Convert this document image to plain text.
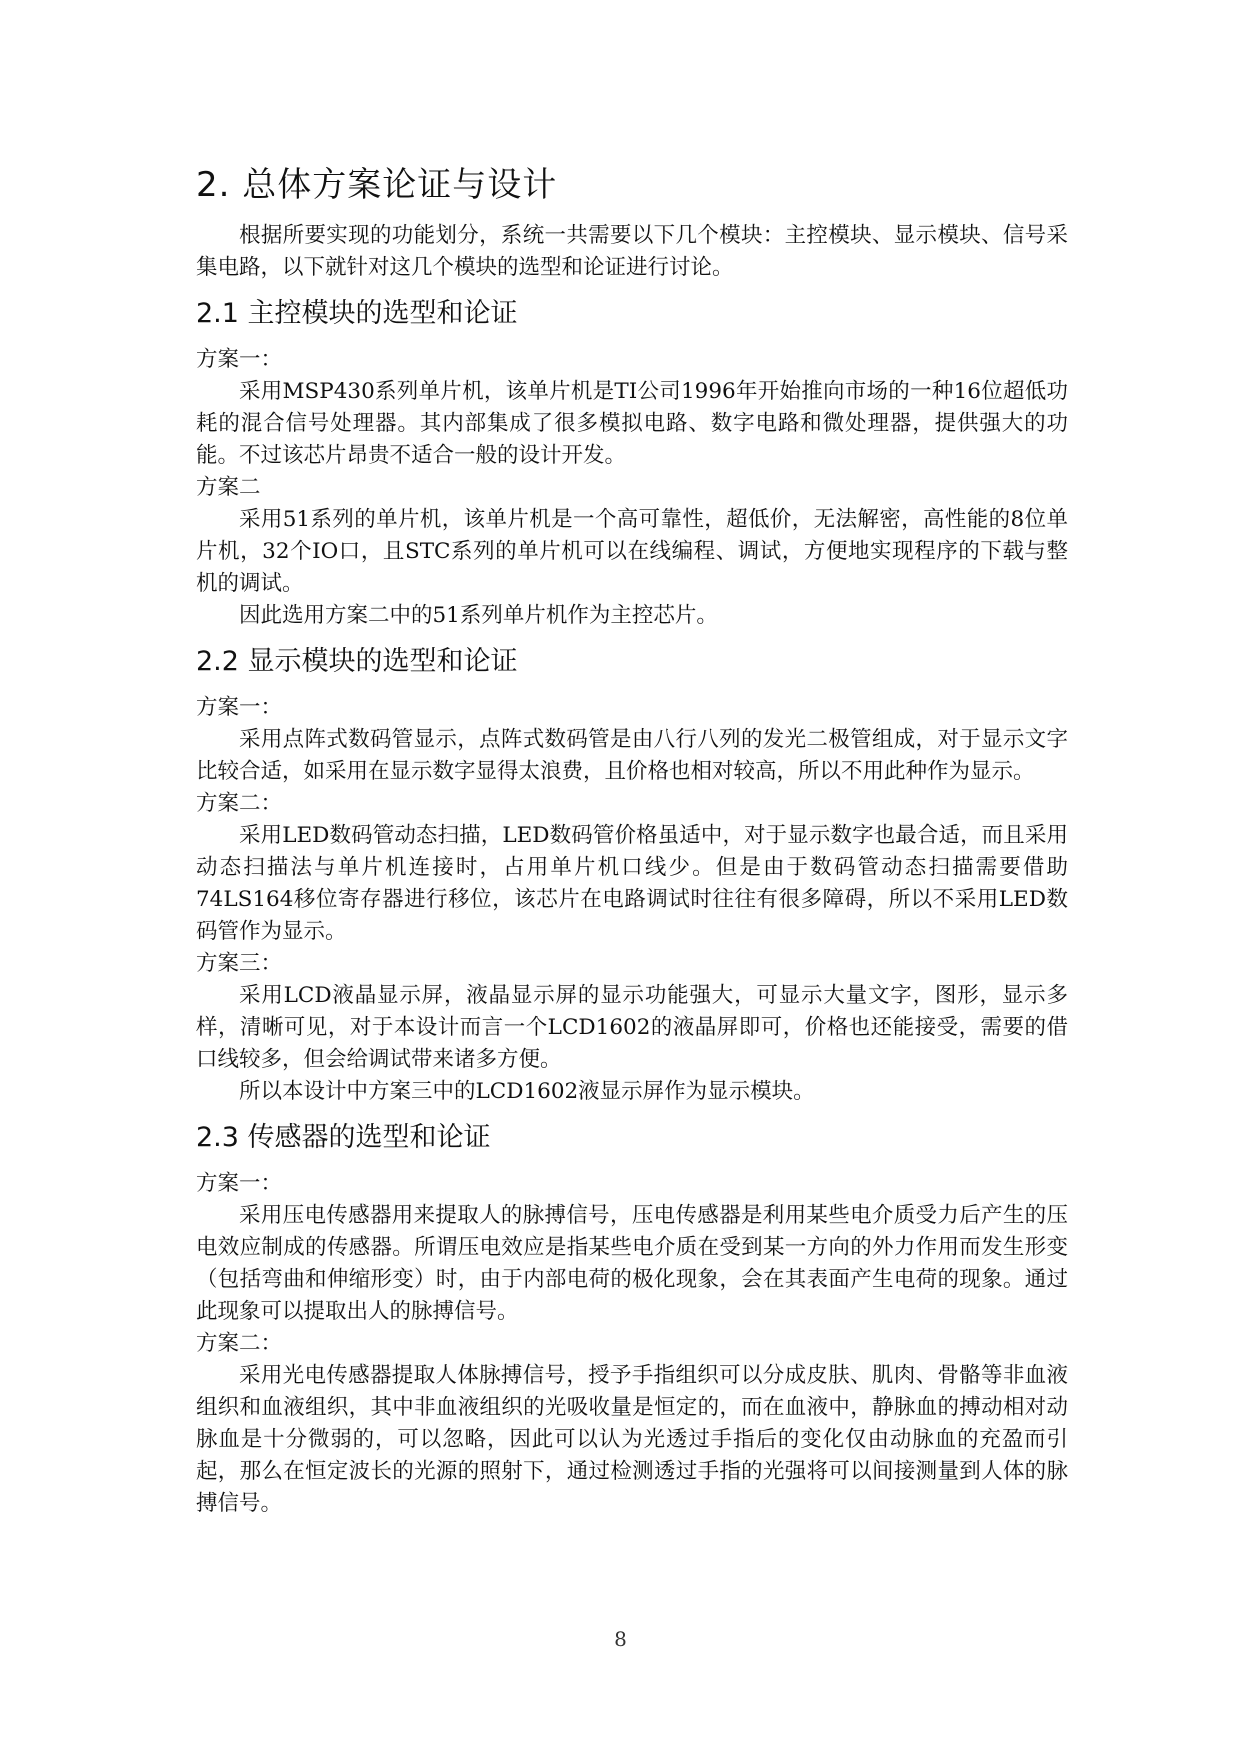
2. 总体方案论证与设计

根据所要实现的功能划分，系统一共需要以下几个模块：主控模块、显示模块、信号采集电路，以下就针对这几个模块的选型和论证进行讨论。

2.1 主控模块的选型和论证

方案一：

采用MSP430系列单片机，该单片机是TI公司1996年开始推向市场的一种16位超低功耗的混合信号处理器。其内部集成了很多模拟电路、数字电路和微处理器，提供强大的功能。不过该芯片昂贵不适合一般的设计开发。

方案二

采用51系列的单片机，该单片机是一个高可靠性，超低价，无法解密，高性能的8位单片机，32个IO口，且STC系列的单片机可以在线编程、调试，方便地实现程序的下载与整机的调试。

因此选用方案二中的51系列单片机作为主控芯片。

2.2 显示模块的选型和论证

方案一：

采用点阵式数码管显示，点阵式数码管是由八行八列的发光二极管组成，对于显示文字比较合适，如采用在显示数字显得太浪费，且价格也相对较高，所以不用此种作为显示。

方案二：

采用LED数码管动态扫描，LED数码管价格虽适中，对于显示数字也最合适，而且采用动态扫描法与单片机连接时，占用单片机口线少。但是由于数码管动态扫描需要借助74LS164移位寄存器进行移位，该芯片在电路调试时往往有很多障碍，所以不采用LED数码管作为显示。

方案三：

采用LCD液晶显示屏，液晶显示屏的显示功能强大，可显示大量文字，图形，显示多样，清晰可见，对于本设计而言一个LCD1602的液晶屏即可，价格也还能接受，需要的借口线较多，但会给调试带来诸多方便。

所以本设计中方案三中的LCD1602液显示屏作为显示模块。

2.3 传感器的选型和论证

方案一：

采用压电传感器用来提取人的脉搏信号，压电传感器是利用某些电介质受力后产生的压电效应制成的传感器。所谓压电效应是指某些电介质在受到某一方向的外力作用而发生形变（包括弯曲和伸缩形变）时，由于内部电荷的极化现象，会在其表面产生电荷的现象。通过此现象可以提取出人的脉搏信号。

方案二：

采用光电传感器提取人体脉搏信号，授予手指组织可以分成皮肤、肌肉、骨骼等非血液组织和血液组织，其中非血液组织的光吸收量是恒定的，而在血液中，静脉血的搏动相对动脉血是十分微弱的，可以忽略，因此可以认为光透过手指后的变化仅由动脉血的充盈而引起，那么在恒定波长的光源的照射下，通过检测透过手指的光强将可以间接测量到人体的脉搏信号。

8
